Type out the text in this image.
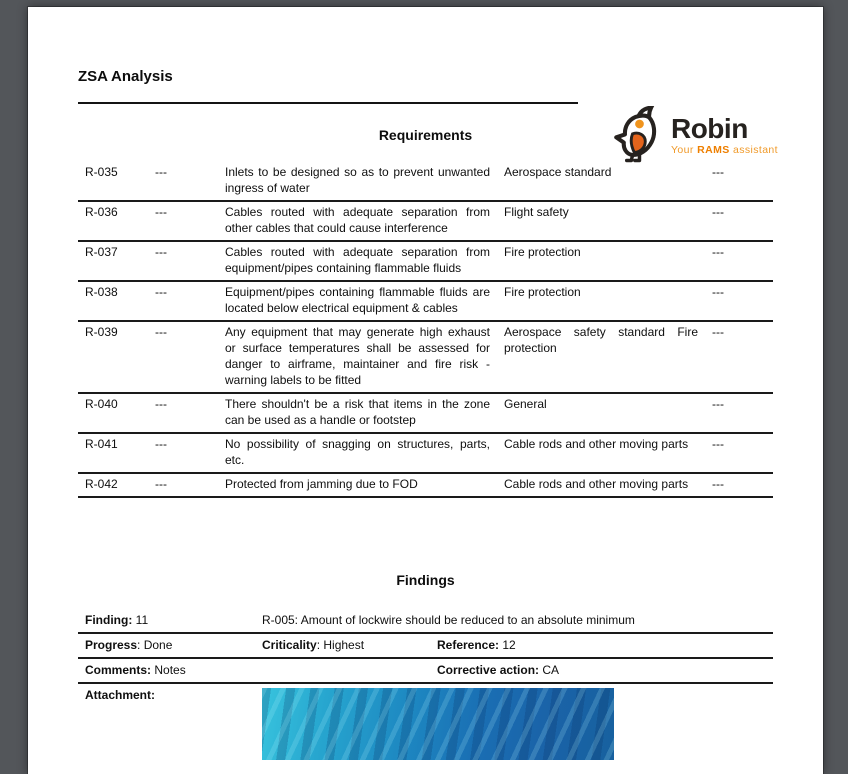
ZSA Analysis
Robin
Your RAMS assistant
Requirements
R-035	---	Inlets to be designed so as to prevent unwanted ingress of water	Aerospace standard	---
R-036	---	Cables routed with adequate separation from other cables that could cause interference	Flight safety	---
R-037	---	Cables routed with adequate separation from equipment/pipes containing flammable fluids	Fire protection	---
R-038	---	Equipment/pipes containing flammable fluids are located below electrical equipment & cables	Fire protection	---
R-039	---	Any equipment that may generate high exhaust or surface temperatures shall be assessed for danger to airframe, maintainer and fire risk - warning labels to be fitted	Aerospace safety standard Fire protection	---
R-040	---	There shouldn't be a risk that items in the zone can be used as a handle or footstep	General	---
R-041	---	No possibility of snagging on structures, parts, etc.	Cable rods and other moving parts	---
R-042	---	Protected from jamming due to FOD	Cable rods and other moving parts	---
Findings
Finding: 11	R-005: Amount of lockwire should be reduced to an absolute minimum	
Progress: Done	Criticality: Highest	Reference: 12
Comments: Notes		Corrective action: CA
Attachment:		
